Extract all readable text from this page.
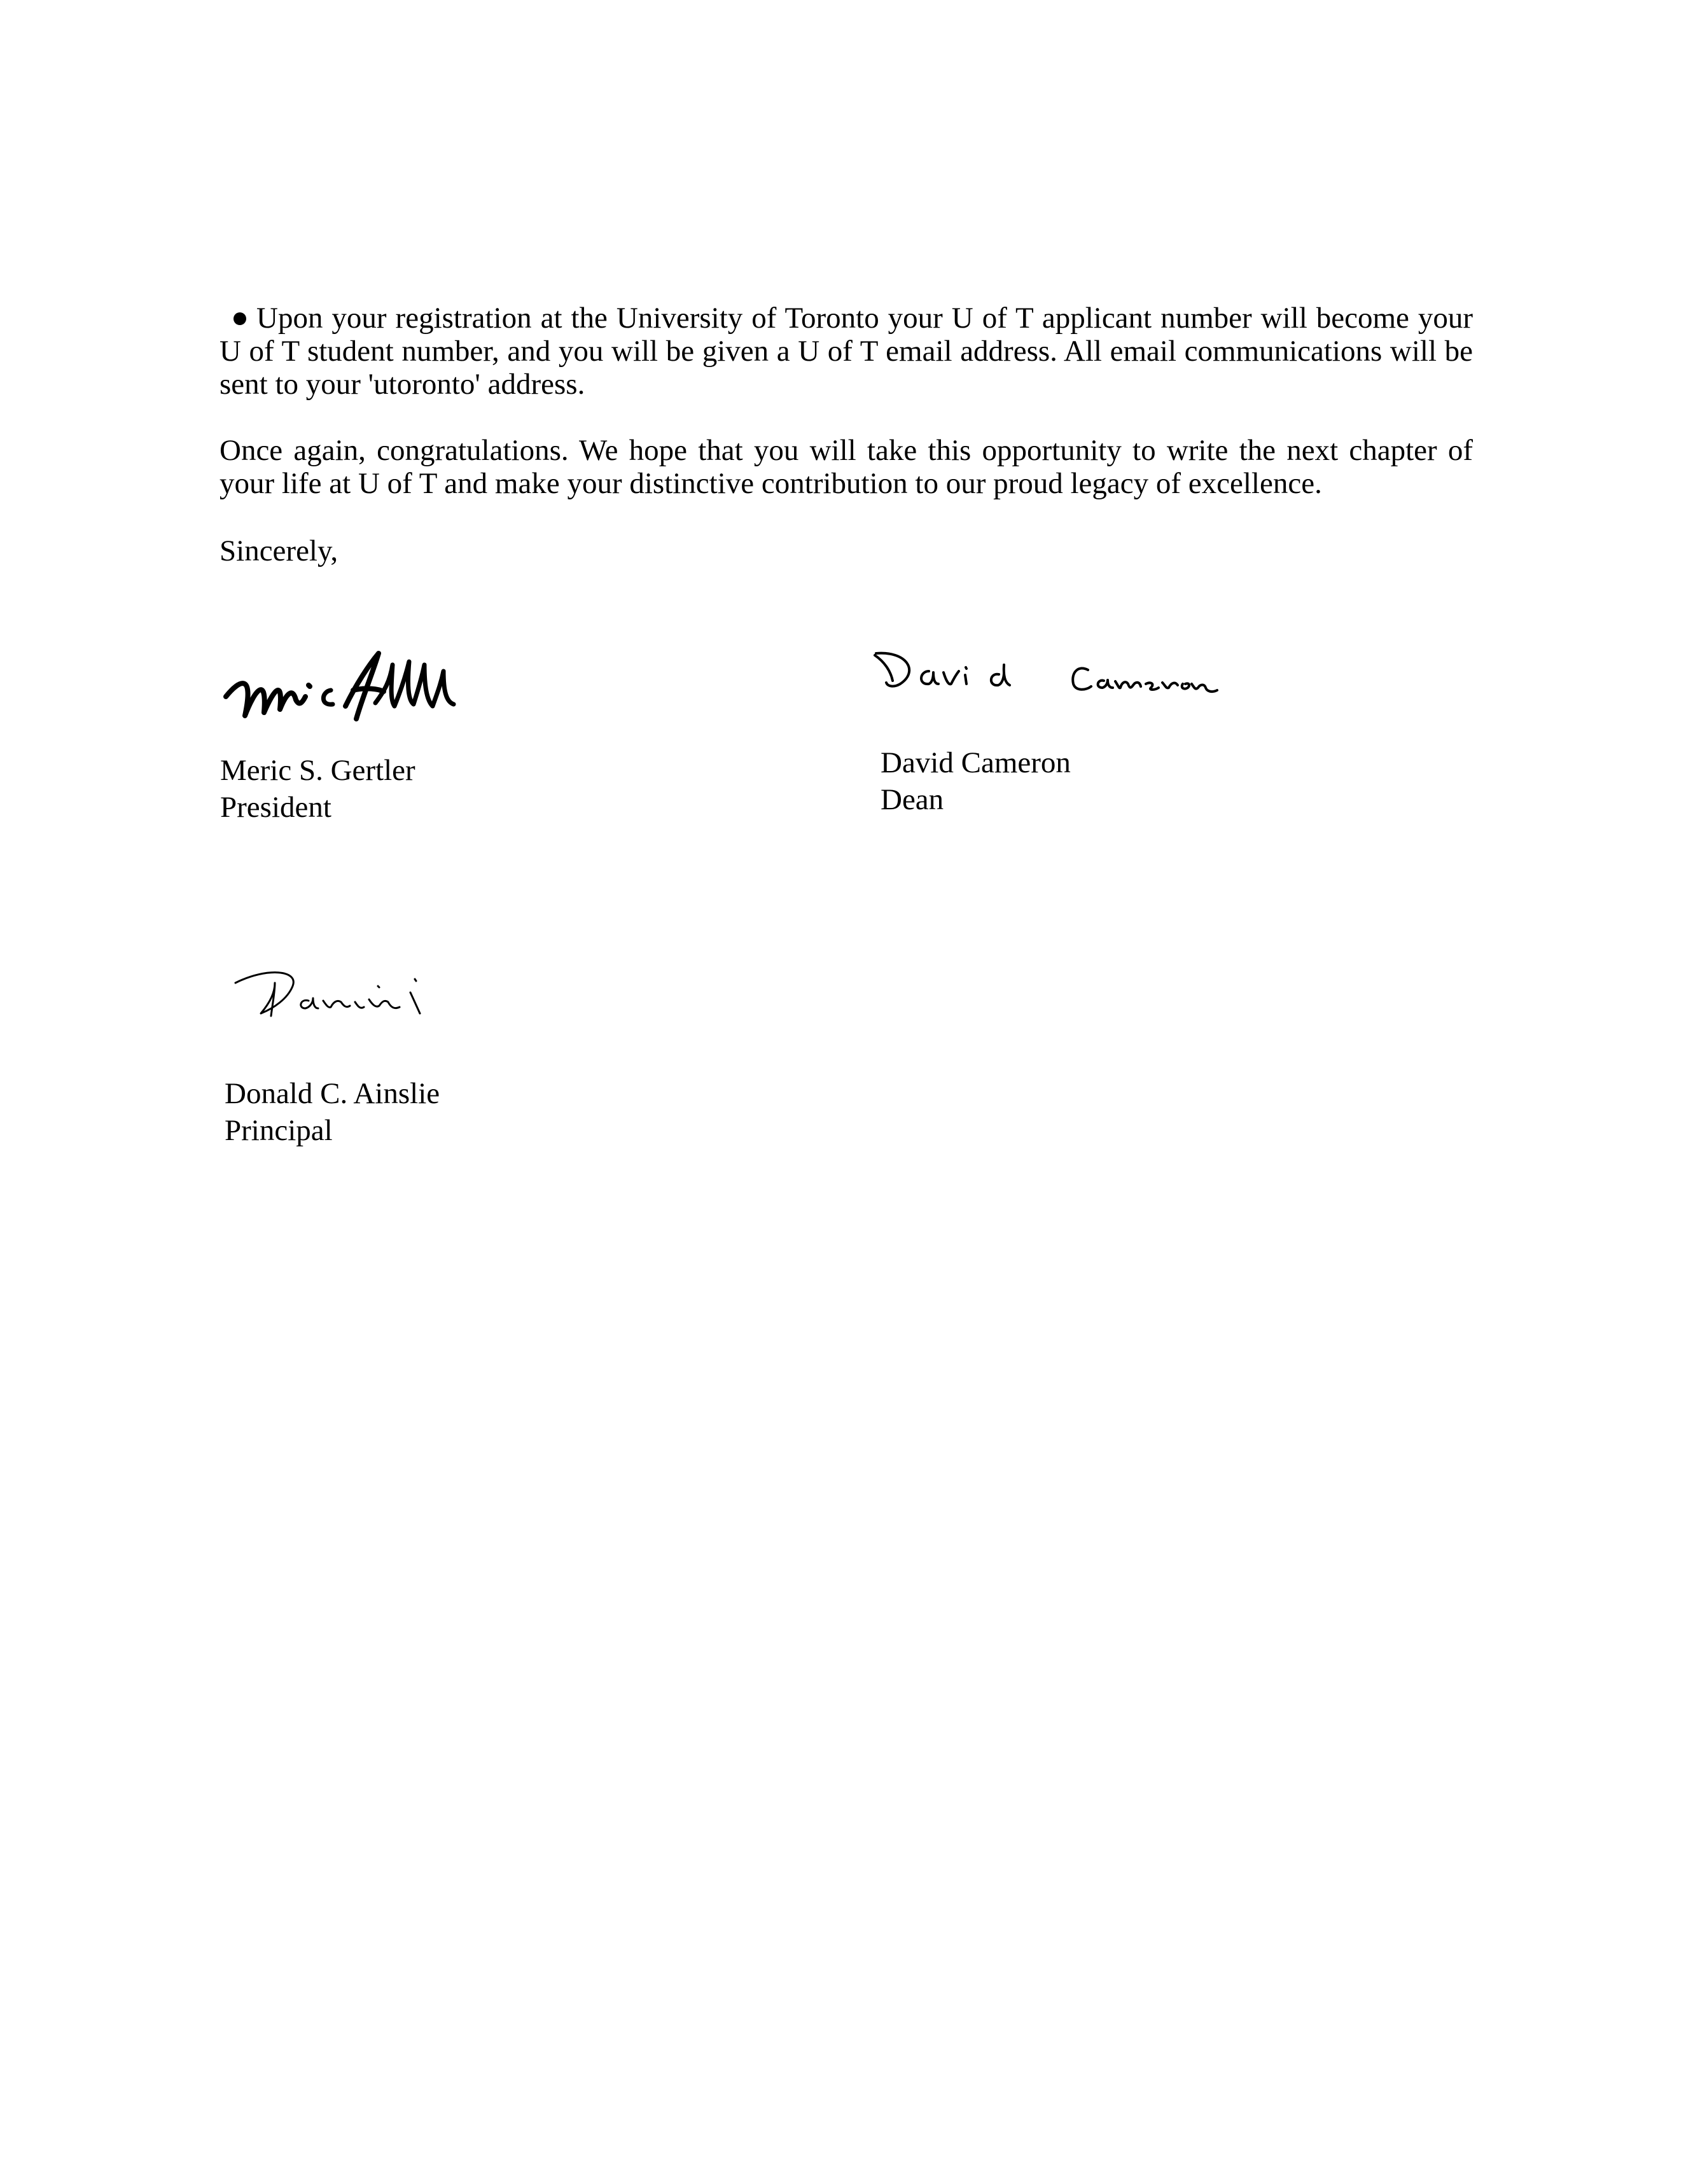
Upon your registration at the University of Toronto your U of T applicant number will become your U of T student number, and you will be given a U of T email address. All email communications will be sent to your 'utoronto' address.
Once again, congratulations. We hope that you will take this opportunity to write the next chapter of your life at U of T and make your distinctive contribution to our proud legacy of excellence.
Sincerely,
Meric S. Gertler
President
David Cameron
Dean
Donald C. Ainslie
Principal
